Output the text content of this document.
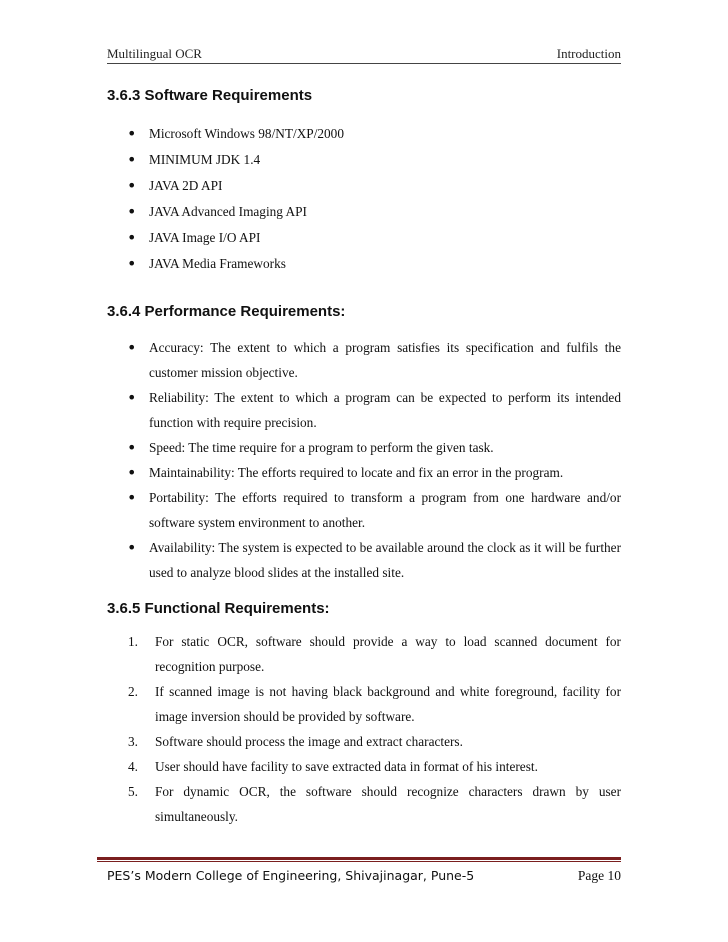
Multilingual OCR	Introduction
3.6.3 Software Requirements
• Microsoft Windows 98/NT/XP/2000
• MINIMUM JDK 1.4
• JAVA 2D API
• JAVA Advanced Imaging API
• JAVA Image I/O API
• JAVA Media Frameworks
3.6.4 Performance Requirements:
• Accuracy: The extent to which a program satisfies its specification and fulfils the customer mission objective.
• Reliability: The extent to which a program can be expected to perform its intended function with require precision.
• Speed: The time require for a program to perform the given task.
• Maintainability: The efforts required to locate and fix an error in the program.
• Portability: The efforts required to transform a program from one hardware and/or software system environment to another.
• Availability: The system is expected to be available around the clock as it will be further used to analyze blood slides at the installed site.
3.6.5 Functional Requirements:
1. For static OCR, software should provide a way to load scanned document for recognition purpose.
2. If scanned image is not having black background and white foreground, facility for image inversion should be provided by software.
3. Software should process the image and extract characters.
4. User should have facility to save extracted data in format of his interest.
5. For dynamic OCR, the software should recognize characters drawn by user simultaneously.
PES’s Modern College of Engineering, Shivajinagar, Pune-5	Page 10
